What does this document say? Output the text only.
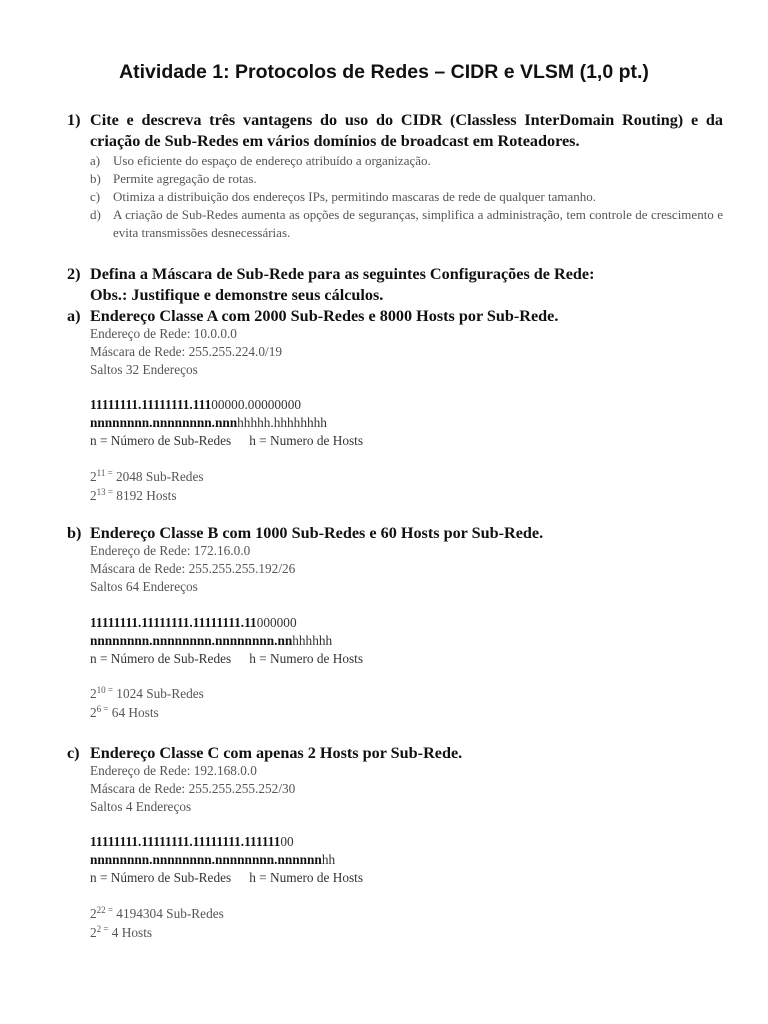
Atividade 1: Protocolos de Redes – CIDR e VLSM (1,0 pt.)
1) Cite e descreva três vantagens do uso do CIDR (Classless InterDomain Routing) e da
criação de Sub-Redes em vários domínios de broadcast em Roteadores.
a) Uso eficiente do espaço de endereço atribuído a organização.
b) Permite agregação de rotas.
c) Otimiza a distribuição dos endereços IPs, permitindo mascaras de rede de qualquer tamanho.
d) A criação de Sub-Redes aumenta as opções de seguranças, simplifica a administração, tem controle de crescimento e evita transmissões desnecessárias.
2) Defina a Máscara de Sub-Rede para as seguintes Configurações de Rede:
Obs.: Justifique e demonstre seus cálculos.
a) Endereço Classe A com 2000 Sub-Redes e 8000 Hosts por Sub-Rede.
Endereço de Rede: 10.0.0.0
Máscara de Rede: 255.255.224.0/19
Saltos 32 Endereços
11111111.11111111.11100000.00000000
nnnnnnnn.nnnnnnnn.nnnhhhhh.hhhhhhhh
n = Número de Sub-Redes h = Numero de Hosts
$2^{11 =}$ 2048 Sub-Redes
$2^{13 =}$ 8192 Hosts
b) Endereço Classe B com 1000 Sub-Redes e 60 Hosts por Sub-Rede.
Endereço de Rede: 172.16.0.0
Máscara de Rede: 255.255.255.192/26
Saltos 64 Endereços
11111111.11111111.11111111.11000000
nnnnnnnn.nnnnnnnn.nnnnnnnn.nnhhhhhh
n = Número de Sub-Redes h = Numero de Hosts
$2^{10 =}$ 1024 Sub-Redes
$2^{6 =}$ 64 Hosts
c) Endereço Classe C com apenas 2 Hosts por Sub-Rede.
Endereço de Rede: 192.168.0.0
Máscara de Rede: 255.255.255.252/30
Saltos 4 Endereços
11111111.11111111.11111111.11111100
nnnnnnnn.nnnnnnnn.nnnnnnnn.nnnnnnhh
n = Número de Sub-Redes h = Numero de Hosts
$2^{22 =}$ 4194304 Sub-Redes
$2^{2 =}$ 4 Hosts
